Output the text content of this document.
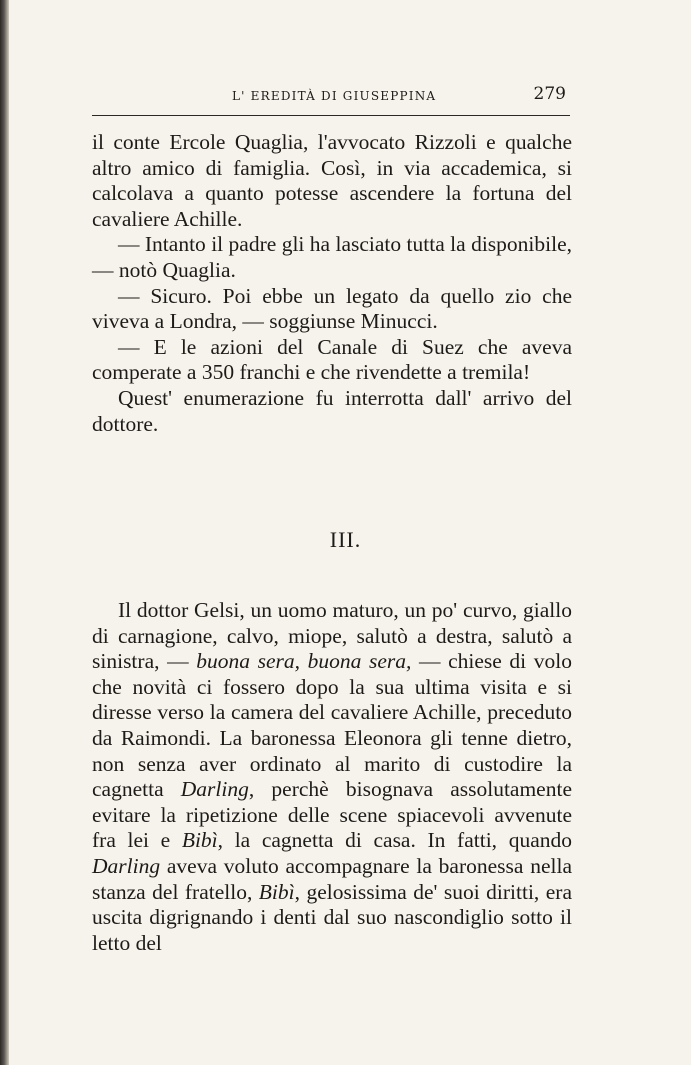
L' EREDITÀ DI GIUSEPPINA	279

il conte Ercole Quaglia, l'avvocato Rizzoli e qualche altro amico di famiglia. Così, in via accademica, si calcolava a quanto potesse ascendere la fortuna del cavaliere Achille.

— Intanto il padre gli ha lasciato tutta la disponibile, — notò Quaglia.

— Sicuro. Poi ebbe un legato da quello zio che viveva a Londra, — soggiunse Minucci.

— E le azioni del Canale di Suez che aveva comperate a 350 franchi e che rivendette a tremila!

Quest' enumerazione fu interrotta dall' arrivo del dottore.

III.

Il dottor Gelsi, un uomo maturo, un po' curvo, giallo di carnagione, calvo, miope, salutò a destra, salutò a sinistra, — buona sera, buona sera, — chiese di volo che novità ci fossero dopo la sua ultima visita e si diresse verso la camera del cavaliere Achille, preceduto da Raimondi. La baronessa Eleonora gli tenne dietro, non senza aver ordinato al marito di custodire la cagnetta Darling, perchè bisognava assolutamente evitare la ripetizione delle scene spiacevoli avvenute fra lei e Bibì, la cagnetta di casa. In fatti, quando Darling aveva voluto accompagnare la baronessa nella stanza del fratello, Bibì, gelosissima de' suoi diritti, era uscita digrignando i denti dal suo nascondiglio sotto il letto del
